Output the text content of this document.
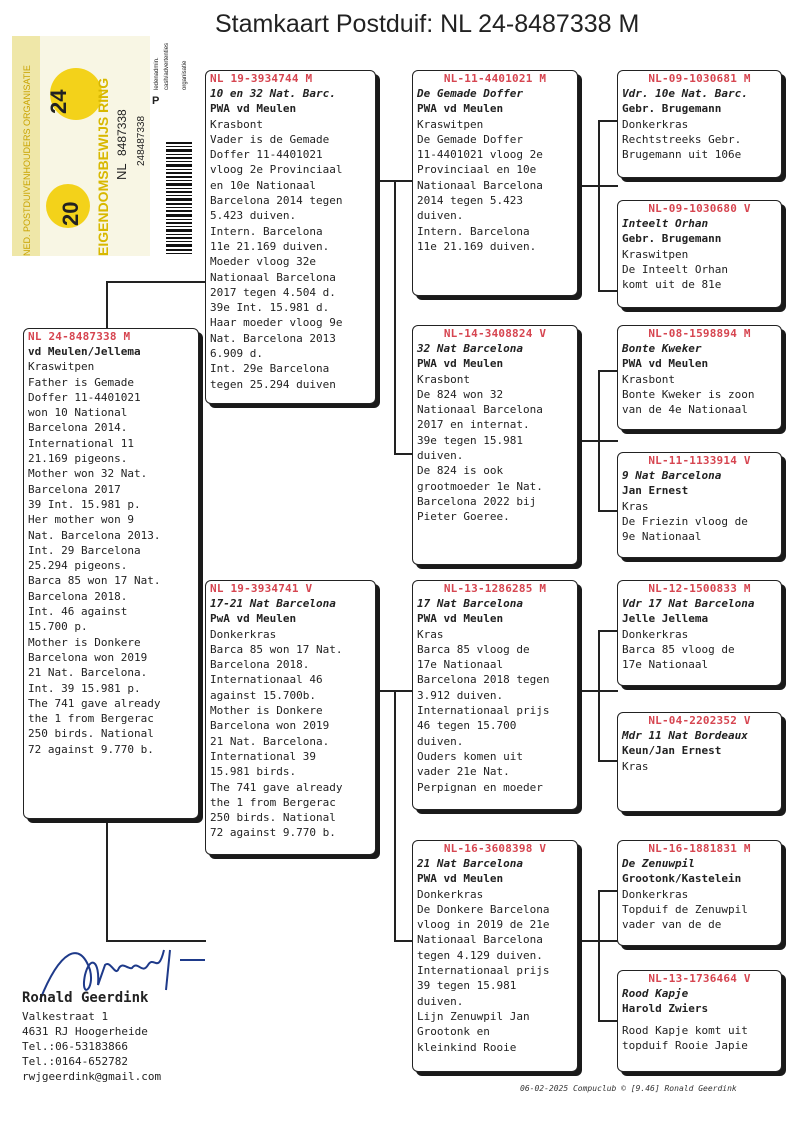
Stamkaart Postduif: NL 24-8487338 M
NED. POSTDUIVENHOUDERS ORGANISATIE 24
20 EIGENDOMSBEWIJS RING NL
8487338 248487338
ledenadmin.
P
cash/advertenties organisatie
NL 24-8487338 M
vd Meulen/Jellema
Kraswitpen
Father is Gemade
Doffer 11-4401021
won 10 National
Barcelona 2014.
International 11
21.169 pigeons.
Mother won 32 Nat.
Barcelona 2017
39 Int. 15.981 p.
Her mother won 9
Nat. Barcelona 2013.
Int. 29 Barcelona
25.294 pigeons.
Barca 85 won 17 Nat.
Barcelona 2018.
Int. 46 against
15.700 p.
Mother is Donkere
Barcelona won 2019
21 Nat. Barcelona.
Int. 39 15.981 p.
The 741 gave already
the 1 from Bergerac
250 birds. National
72 against 9.770 b.
NL 19-3934744 M
10 en 32 Nat. Barc.
PWA vd Meulen
Krasbont
Vader is de Gemade
Doffer 11-4401021
vloog 2e Provinciaal
en 10e Nationaal
Barcelona 2014 tegen
5.423 duiven.
Intern. Barcelona
11e 21.169 duiven.
Moeder vloog 32e
Nationaal Barcelona
2017 tegen 4.504 d.
39e Int. 15.981 d.
Haar moeder vloog 9e
Nat. Barcelona 2013
6.909 d.
Int. 29e Barcelona
tegen 25.294 duiven
NL 19-3934741 V
17-21 Nat Barcelona
PwA vd Meulen
Donkerkras
Barca 85 won 17 Nat.
Barcelona 2018.
Internationaal 46
against 15.700b.
Mother is Donkere
Barcelona won 2019
21 Nat. Barcelona.
International 39
15.981 birds.
The 741 gave already
the 1 from Bergerac
250 birds. National
72 against 9.770 b.
NL-11-4401021 M
De Gemade Doffer
PWA vd Meulen
Kraswitpen
De Gemade Doffer
11-4401021 vloog 2e
Provinciaal en 10e
Nationaal Barcelona
2014 tegen 5.423
duiven.
Intern. Barcelona
11e 21.169 duiven.
NL-14-3408824 V
32 Nat Barcelona
PWA vd Meulen
Krasbont
De 824 won 32
Nationaal Barcelona
2017 en internat.
39e tegen 15.981
duiven.
De 824 is ook
grootmoeder 1e Nat.
Barcelona 2022 bij
Pieter Goeree.
NL-13-1286285 M
17 Nat Barcelona
PWA vd Meulen
Kras
Barca 85 vloog de
17e Nationaal
Barcelona 2018 tegen
3.912 duiven.
Internationaal prijs
46 tegen 15.700
duiven.
Ouders komen uit
vader 21e Nat.
Perpignan en moeder
NL-16-3608398 V
21 Nat Barcelona
PWA vd Meulen
Donkerkras
De Donkere Barcelona
vloog in 2019 de 21e
Nationaal Barcelona
tegen 4.129 duiven.
Internationaal prijs
39 tegen 15.981
duiven.
Lijn Zenuwpil Jan
Grootonk en
kleinkind Rooie
NL-09-1030681 M
Vdr. 10e Nat. Barc.
Gebr. Brugemann
Donkerkras
Rechtstreeks Gebr.
Brugemann uit 106e
NL-09-1030680 V
Inteelt Orhan
Gebr. Brugemann
Kraswitpen
De Inteelt Orhan
komt uit de 81e
NL-08-1598894 M
Bonte Kweker
PWA vd Meulen
Krasbont
Bonte Kweker is zoon
van de 4e Nationaal
NL-11-1133914 V
9 Nat Barcelona
Jan Ernest
Kras
De Friezin vloog de
9e Nationaal
NL-12-1500833 M
Vdr 17 Nat Barcelona
Jelle Jellema
Donkerkras
Barca 85 vloog de
17e Nationaal
NL-04-2202352 V
Mdr 11 Nat Bordeaux
Keun/Jan Ernest
Kras
NL-16-1881831 M
De Zenuwpil
Grootonk/Kastelein
Donkerkras
Topduif de Zenuwpil
vader van de de
NL-13-1736464 V
Rood Kapje
Harold Zwiers
Rood Kapje komt uit
topduif Rooie Japie
Ronald Geerdink
Valkestraat 1
4631 RJ Hoogerheide
Tel.:06-53183866
Tel.:0164-652782
rwjgeerdink@gmail.com
06-02-2025 Compuclub © [9.46] Ronald Geerdink
